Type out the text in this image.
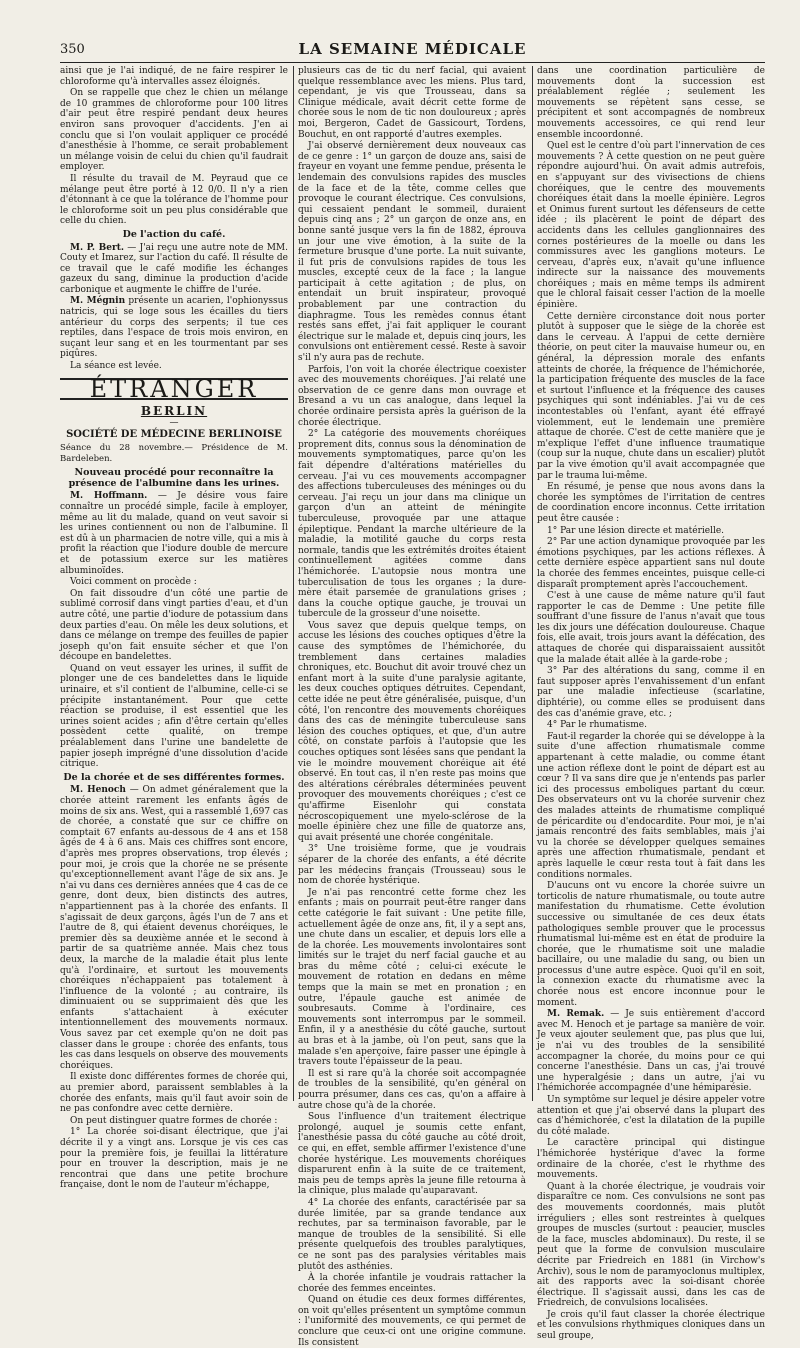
350	LA SEMAINE MÉDICALE

ainsi que je l'ai indiqué, de ne faire respirer le chloroforme qu'à intervalles assez éloignés.

On se rappelle que chez le chien un mélange de 10 grammes de chloroforme pour 100 litres d'air peut être respiré pendant deux heures environ sans provoquer d'accidents. J'en ai conclu que si l'on voulait appliquer ce procédé d'anesthésie à l'homme, ce serait probablement un mélange voisin de celui du chien qu'il faudrait employer.

Il résulte du travail de M. Peyraud que ce mélange peut être porté à 12 0/0. Il n'y a rien d'étonnant à ce que la tolérance de l'homme pour le chloroforme soit un peu plus considérable que celle du chien.

De l'action du café.

M. P. Bert. — J'ai reçu une autre note de MM. Couty et Imarez, sur l'action du café. Il résulte de ce travail que le café modifie les échanges gazeux du sang, diminue la production d'acide carbonique et augmente le chiffre de l'urée.

M. Mégnin présente un acarien, l'ophionyssus natricis, qui se loge sous les écailles du tiers antérieur du corps des serpents; il tue ces reptiles, dans l'espace de trois mois environ, en suçant leur sang et en les tourmentant par ses piqûres.

La séance est levée.

ÉTRANGER
BERLIN
—
SOCIÉTÉ DE MÉDECINE BERLINOISE
Séance du 28 novembre.— Présidence de M. Bardeleben.
Nouveau procédé pour reconnaître la présence de l'albumine dans les urines.

M. Hoffmann. — Je désire vous faire connaître un procédé simple, facile à employer, même au lit du malade, quand on veut savoir si les urines contiennent ou non de l'albumine. Il est dû à un pharmacien de notre ville, qui a mis à profit la réaction que l'iodure double de mercure et de potassium exerce sur les matières albuminoïdes.

Voici comment on procède :

On fait dissoudre d'un côté une partie de sublimé corrosif dans vingt parties d'eau, et d'un autre côté, une partie d'iodure de potassium dans deux parties d'eau. On mêle les deux solutions, et dans ce mélange on trempe des feuilles de papier joseph qu'on fait ensuite sécher et que l'on découpe en bandelettes.

Quand on veut essayer les urines, il suffit de plonger une de ces bandelettes dans le liquide urinaire, et s'il contient de l'albumine, celle-ci se précipite instantanément. Pour que cette réaction se produise, il est essentiel que les urines soient acides ; afin d'être certain qu'elles possèdent cette qualité, on trempe préalablement dans l'urine une bandelette de papier joseph imprégné d'une dissolution d'acide citrique.

De la chorée et de ses différentes formes.

M. Henoch — On admet généralement que la chorée atteint rarement les enfants âgés de moins de six ans. West, qui a rassemblé 1,697 cas de chorée, a constaté que sur ce chiffre on comptait 67 enfants au-dessous de 4 ans et 158 âgés de 4 à 6 ans. Mais ces chiffres sont encore, d'après mes propres observations, trop élevés ; pour moi, je crois que la chorée ne se présente qu'exceptionnellement avant l'âge de six ans. Je n'ai vu dans ces dernières années que 4 cas de ce genre, dont deux, bien distincts des autres, n'appartiennent pas à la chorée des enfants. Il s'agissait de deux garçons, âgés l'un de 7 ans et l'autre de 8, qui étaient devenus choréiques, le premier dès sa deuxième année et le second à partir de sa quatrième année. Mais chez tous deux, la marche de la maladie était plus lente qu'à l'ordinaire, et surtout les mouvements choréiques n'échappaient pas totalement à l'influence de la volonté ; au contraire, ils diminuaient ou se supprimaient dès que les enfants s'attachaient à exécuter intentionnellement des mouvements normaux. Vous savez par cet exemple qu'on ne doit pas classer dans le groupe : chorée des enfants, tous les cas dans lesquels on observe des mouvements choréiques.

Il existe donc différentes formes de chorée qui, au premier abord, paraissent semblables à la chorée des enfants, mais qu'il faut avoir soin de ne pas confondre avec cette dernière.

On peut distinguer quatre formes de chorée :

1° La chorée soi-disant électrique, que j'ai décrite il y a vingt ans. Lorsque je vis ces cas pour la première fois, je feuillai la littérature pour en trouver la description, mais je ne rencontrai que dans une petite brochure française, dont le nom de l'auteur m'échappe,

plusieurs cas de tic du nerf facial, qui avaient quelque ressemblance avec les miens. Plus tard, cependant, je vis que Trousseau, dans sa Clinique médicale, avait décrit cette forme de chorée sous le nom de tic non douloureux ; après moi, Bergeron, Cadet de Gassicourt, Tordens, Bouchut, en ont rapporté d'autres exemples.

J'ai observé dernièrement deux nouveaux cas de ce genre : 1° un garçon de douze ans, saisi de frayeur en voyant une femme pendue, présenta le lendemain des convulsions rapides des muscles de la face et de la tête, comme celles que provoque le courant électrique. Ces convulsions, qui cessaient pendant le sommeil, duraient depuis cinq ans ; 2° un garçon de onze ans, en bonne santé jusque vers la fin de 1882, éprouva un jour une vive émotion, à la suite de la fermeture brusque d'une porte. La nuit suivante, il fut pris de convulsions rapides de tous les muscles, excepté ceux de la face ; la langue participait à cette agitation ; de plus, on entendait un bruit inspirateur, provoqué probablement par une contraction du diaphragme. Tous les remèdes connus étant restés sans effet, j'ai fait appliquer le courant électrique sur le malade et, depuis cinq jours, les convulsions ont entièrement cessé. Reste à savoir s'il n'y aura pas de rechute.

Parfois, l'on voit la chorée électrique coexister avec des mouvements choréiques. J'ai relaté une observation de ce genre dans mon ouvrage et Bresand a vu un cas analogue, dans lequel la chorée ordinaire persista après la guérison de la chorée électrique.

2° La catégorie des mouvements choréiques proprement dits, connus sous la dénomination de mouvements symptomatiques, parce qu'on les fait dépendre d'altérations matérielles du cerveau. J'ai vu ces mouvements accompagner des affections tuberculeuses des méninges ou du cerveau. J'ai reçu un jour dans ma clinique un garçon d'un an atteint de méningite tuberculeuse, provoquée par une attaque épileptique. Pendant la marche ultérieure de la maladie, la motilité gauche du corps resta normale, tandis que les extrémités droites étaient continuellement agitées comme dans l'hémichorée. L'autopsie nous montra une tuberculisation de tous les organes ; la dure-mère était parsemée de granulations grises ; dans la couche optique gauche, je trouvai un tubercule de la grosseur d'une noisette.

Vous savez que depuis quelque temps, on accuse les lésions des couches optiques d'être la cause des symptômes de l'hémichorée, du tremblement dans certaines maladies chroniques, etc. Bouchut dit avoir trouvé chez un enfant mort à la suite d'une paralysie agitante, les deux couches optiques détruites. Cependant, cette idée ne peut être généralisée, puisque, d'un côté, l'on rencontre des mouvements choréiques dans des cas de méningite tuberculeuse sans lésion des couches optiques, et que, d'un autre côté, on constate parfois à l'autopsie que les couches optiques sont lésées sans que pendant la vie le moindre mouvement choréique ait été observé. En tout cas, il n'en reste pas moins que des altérations cérébrales déterminées peuvent provoquer des mouvements choréiques ; c'est ce qu'affirme Eisenlohr qui constata nécroscopiquement une myelo-sclérose de la moelle épinière chez une fille de quatorze ans, qui avait présenté une chorée congénitale.

3° Une troisième forme, que je voudrais séparer de la chorée des enfants, a été décrite par les médecins français (Trousseau) sous le nom de chorée hystérique.

Je n'ai pas rencontré cette forme chez les enfants ; mais on pourrait peut-être ranger dans cette catégorie le fait suivant : Une petite fille, actuellement âgée de onze ans, fit, il y a sept ans, une chute dans un escalier, et depuis lors elle a de la chorée. Les mouvements involontaires sont limités sur le trajet du nerf facial gauche et au bras du même côté ; celui-ci exécute le mouvement de rotation en dedans en même temps que la main se met en pronation ; en outre, l'épaule gauche est animée de soubresauts. Comme à l'ordinaire, ces mouvements sont interrompus par le sommeil. Enfin, il y a anesthésie du côté gauche, surtout au bras et à la jambe, où l'on peut, sans que la malade s'en aperçoive, faire passer une épingle à travers toute l'épaisseur de la peau.

Il est si rare qu'à la chorée soit accompagnée de troubles de la sensibilité, qu'en général on pourra présumer, dans ces cas, qu'on a affaire à autre chose qu'à de la chorée.

Sous l'influence d'un traitement électrique prolongé, auquel je soumis cette enfant, l'anesthésie passa du côté gauche au côté droit, ce qui, en effet, semble affirmer l'existence d'une chorée hystérique. Les mouvements choréiques disparurent enfin à la suite de ce traitement, mais peu de temps après la jeune fille retourna à la clinique, plus malade qu'auparavant.

4° La chorée des enfants, caractérisée par sa durée limitée, par sa grande tendance aux rechutes, par sa terminaison favorable, par le manque de troubles de la sensibilité. Si elle présente quelquefois des troubles paralytiques, ce ne sont pas des paralysies véritables mais plutôt des asthénies.

À la chorée infantile je voudrais rattacher la chorée des femmes enceintes.

Quand on étudie ces deux formes différentes, on voit qu'elles présentent un symptôme commun : l'uniformité des mouvements, ce qui permet de conclure que ceux-ci ont une origine commune. Ils consistent

dans une coordination particulière de mouvements dont la succession est préalablement réglée ; seulement les mouvements se répètent sans cesse, se précipitent et sont accompagnés de nombreux mouvements accessoires, ce qui rend leur ensemble incoordonné.

Quel est le centre d'où part l'innervation de ces mouvements ? À cette question on ne peut guère répondre aujourd'hui. On avait admis autrefois, en s'appuyant sur des vivisections de chiens choréiques, que le centre des mouvements choréiques était dans la moelle épinière. Legros et Onimus furent surtout les défenseurs de cette idée ; ils placèrent le point de départ des accidents dans les cellules ganglionnaires des cornes postérieures de la moelle ou dans les commissures avec les ganglions moteurs. Le cerveau, d'après eux, n'avait qu'une influence indirecte sur la naissance des mouvements choréiques ; mais en même temps ils admirent que le chloral faisait cesser l'action de la moelle épinière.

Cette dernière circonstance doit nous porter plutôt à supposer que le siège de la chorée est dans le cerveau. À l'appui de cette dernière théorie, on peut citer la mauvaise humeur ou, en général, la dépression morale des enfants atteints de chorée, la fréquence de l'hémichorée, la participation fréquente des muscles de la face et surtout l'influence et la fréquence des causes psychiques qui sont indéniables. J'ai vu de ces incontestables où l'enfant, ayant été effrayé violemment, eut le lendemain une première attaque de chorée. C'est de cette manière que je m'explique l'effet d'une influence traumatique (coup sur la nuque, chute dans un escalier) plutôt par la vive émotion qu'il avait accompagnée que par le trauma lui-même.

En résumé, je pense que nous avons dans la chorée les symptômes de l'irritation de centres de coordination encore inconnus. Cette irritation peut être causée :

1° Par une lésion directe et matérielle.

2° Par une action dynamique provoquée par les émotions psychiques, par les actions réflexes. À cette dernière espèce appartient sans nul doute la chorée des femmes enceintes, puisque celle-ci disparaît promptement après l'accouchement.

C'est à une cause de même nature qu'il faut rapporter le cas de Demme : Une petite fille souffrant d'une fissure de l'anus n'avait que tous les dix jours une défécation douloureuse. Chaque fois, elle avait, trois jours avant la défécation, des attaques de chorée qui disparaissaient aussitôt que la malade était allée à la garde-robe ;

3° Par des altérations du sang, comme il en faut supposer après l'envahissement d'un enfant par une maladie infectieuse (scarlatine, diphtérie), ou comme elles se produisent dans des cas d'anémie grave, etc. ;

4° Par le rhumatisme.

Faut-il regarder la chorée qui se développe à la suite d'une affection rhumatismale comme appartenant à cette maladie, ou comme étant une action réflexe dont le point de départ est au cœur ? Il va sans dire que je n'entends pas parler ici des processus emboliques partant du cœur. Des observateurs ont vu la chorée survenir chez des malades atteints de rhumatisme compliqué de péricardite ou d'endocardite. Pour moi, je n'ai jamais rencontré des faits semblables, mais j'ai vu la chorée se développer quelques semaines après une affection rhumatismale, pendant et après laquelle le cœur resta tout à fait dans les conditions normales.

D'aucuns ont vu encore la chorée suivre un torticolis de nature rhumatismale, ou toute autre manifestation du rhumatisme. Cette évolution successive ou simultanée de ces deux états pathologiques semble prouver que le processus rhumatismal lui-même est en état de produire la chorée, que le rhumatisme soit une maladie bacillaire, ou une maladie du sang, ou bien un processus d'une autre espèce. Quoi qu'il en soit, la connexion exacte du rhumatisme avec la chorée nous est encore inconnue pour le moment.

M. Remak. — Je suis entièrement d'accord avec M. Henoch et je partage sa manière de voir. Je veux ajouter seulement que, pas plus que lui, je n'ai vu des troubles de la sensibilité accompagner la chorée, du moins pour ce qui concerne l'anesthésie. Dans un cas, j'ai trouvé une hyperalgésie ; dans un autre, j'ai vu l'hémichorée accompagnée d'une hémiparésie.

Un symptôme sur lequel je désire appeler votre attention et que j'ai observé dans la plupart des cas d'hémichorée, c'est la dilatation de la pupille du côté malade.

Le caractère principal qui distingue l'hémichorée hystérique d'avec la forme ordinaire de la chorée, c'est le rhythme des mouvements.

Quant à la chorée électrique, je voudrais voir disparaître ce nom. Ces convulsions ne sont pas des mouvements coordonnés, mais plutôt irréguliers ; elles sont restreintes à quelques groupes de muscles (surtout : peaucier, muscles de la face, muscles abdominaux). Du reste, il se peut que la forme de convulsion musculaire décrite par Friedreich en 1881 (in Virchow's Archiv), sous le nom de paramyoclonus multiplex, ait des rapports avec la soi-disant chorée électrique. Il s'agissait aussi, dans les cas de Friedreich, de convulsions localisées.

Je crois qu'il faut classer la chorée électrique et les convulsions rhythmiques cloniques dans un seul groupe,
